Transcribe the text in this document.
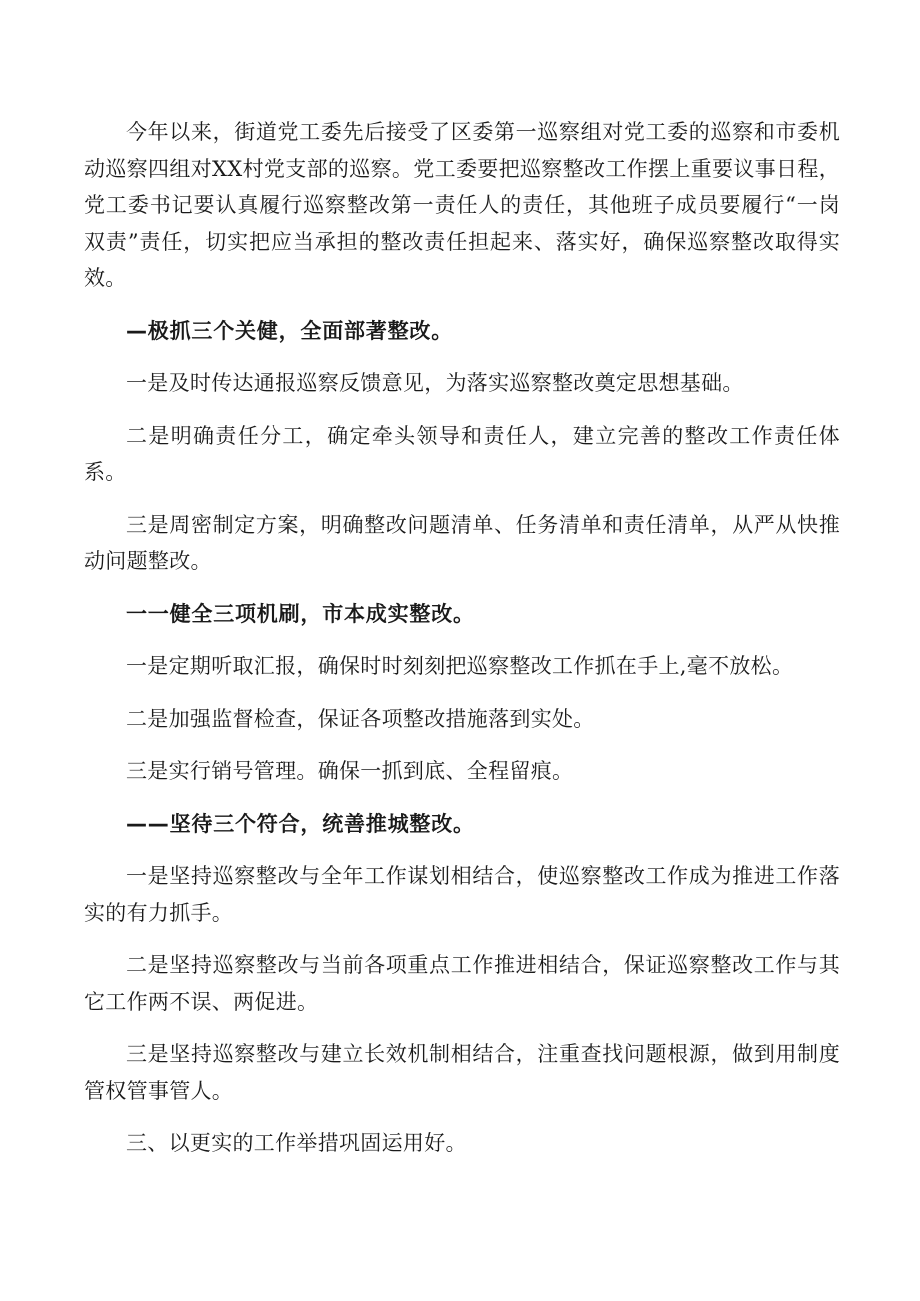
今年以来，街道党工委先后接受了区委第一巡察组对党工委的巡察和市委机动巡察四组对XX村党支部的巡察。党工委要把巡察整改工作摆上重要议事日程，党工委书记要认真履行巡察整改第一责任人的责任，其他班子成员要履行“一岗双责”责任，切实把应当承担的整改责任担起来、落实好，确保巡察整改取得实效。

—极抓三个关健，全面部著整改。

一是及时传达通报巡察反馈意见，为落实巡察整改奠定思想基础。

二是明确责任分工，确定牵头领导和责任人，建立完善的整改工作责任体系。

三是周密制定方案，明确整改问题清单、任务清单和责任清单，从严从快推动问题整改。

一一健全三项机刷，市本成实整改。

一是定期听取汇报，确保时时刻刻把巡察整改工作抓在手上,毫不放松。

二是加强监督检查，保证各项整改措施落到实处。

三是实行销号管理。确保一抓到底、全程留痕。

——坚待三个符合，统善推城整改。

一是坚持巡察整改与全年工作谋划相结合，使巡察整改工作成为推进工作落实的有力抓手。

二是坚持巡察整改与当前各项重点工作推进相结合，保证巡察整改工作与其它工作两不误、两促进。

三是坚持巡察整改与建立长效机制相结合，注重查找问题根源，做到用制度管权管事管人。

三、以更实的工作举措巩固运用好。
